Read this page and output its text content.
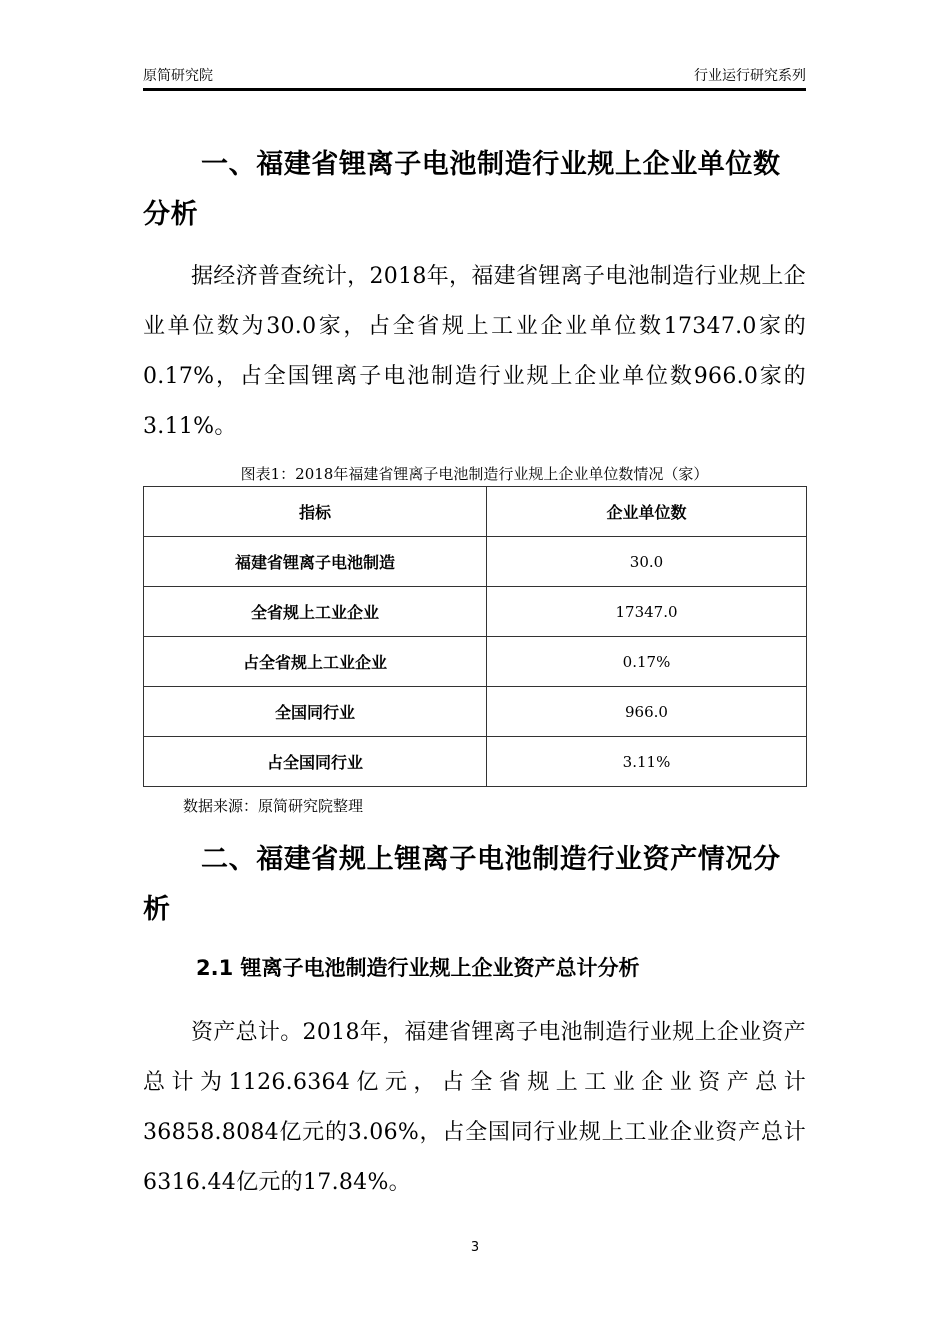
原简研究院	行业运行研究系列
一、福建省锂离子电池制造行业规上企业单位数分析
据经济普查统计，2018年，福建省锂离子电池制造行业规上企业单位数为30.0家，占全省规上工业企业单位数17347.0家的0.17%，占全国锂离子电池制造行业规上企业单位数966.0家的3.11%。
图表1：2018年福建省锂离子电池制造行业规上企业单位数情况（家）
指标	企业单位数
福建省锂离子电池制造	30.0
全省规上工业企业	17347.0
占全省规上工业企业	0.17%
全国同行业	966.0
占全国同行业	3.11%
数据来源：原简研究院整理
二、福建省规上锂离子电池制造行业资产情况分析
2.1 锂离子电池制造行业规上企业资产总计分析
资产总计。2018年，福建省锂离子电池制造行业规上企业资产总计为1126.6364亿元，占全省规上工业企业资产总计36858.8084亿元的3.06%，占全国同行业规上工业企业资产总计6316.44亿元的17.84%。
3
